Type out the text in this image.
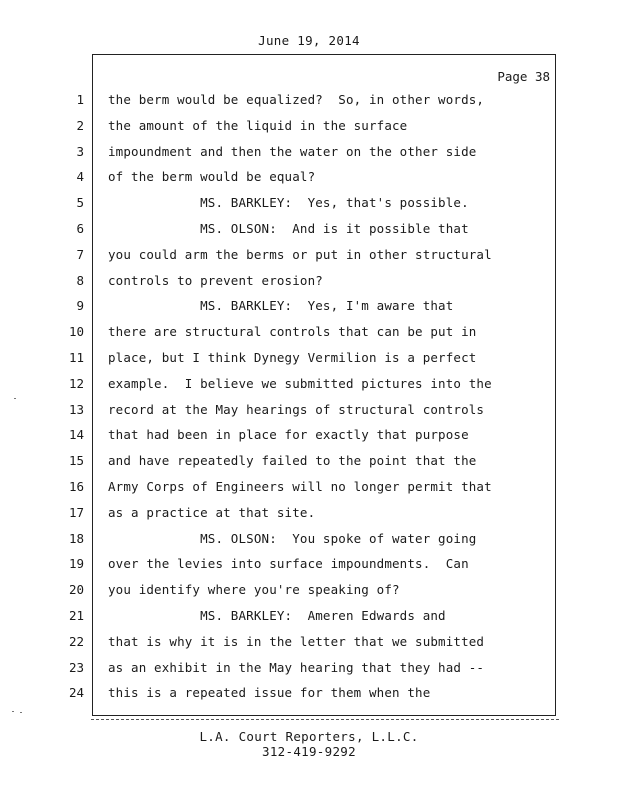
June 19, 2014
Page 38
1 the berm would be equalized?  So, in other words,
2 the amount of the liquid in the surface
3 impoundment and then the water on the other side
4 of the berm would be equal?
5 MS. BARKLEY:  Yes, that's possible.
6 MS. OLSON:  And is it possible that
7 you could arm the berms or put in other structural
8 controls to prevent erosion?
9 MS. BARKLEY:  Yes, I'm aware that
10 there are structural controls that can be put in
11 place, but I think Dynegy Vermilion is a perfect
12 example.  I believe we submitted pictures into the
13 record at the May hearings of structural controls
14 that had been in place for exactly that purpose
15 and have repeatedly failed to the point that the
16 Army Corps of Engineers will no longer permit that
17 as a practice at that site.
18 MS. OLSON:  You spoke of water going
19 over the levies into surface impoundments.  Can
20 you identify where you're speaking of?
21 MS. BARKLEY:  Ameren Edwards and
22 that is why it is in the letter that we submitted
23 as an exhibit in the May hearing that they had --
24 this is a repeated issue for them when the
L.A. Court Reporters, L.L.C.
312-419-9292
